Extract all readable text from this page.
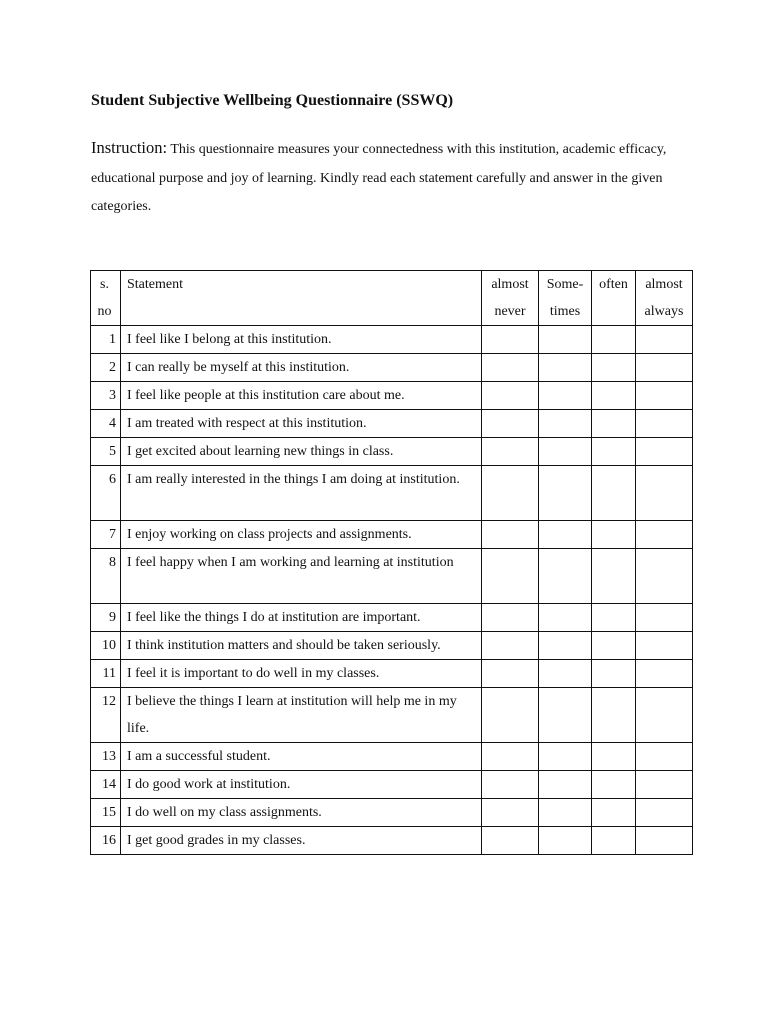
Student Subjective Wellbeing Questionnaire (SSWQ)
Instruction: This questionnaire measures your connectedness with this institution, academic efficacy, educational purpose and joy of learning. Kindly read each statement carefully and answer in the given categories.
s. no	Statement	almost never	Some- times	often	almost always
1	I feel like I belong at this institution.				
2	I can really be myself at this institution.				
3	I feel like people at this institution care about me.				
4	I am treated with respect at this institution.				
5	I get excited about learning new things in class.				
6	I am really interested in the things I am doing at institution.				
7	I enjoy working on class projects and assignments.				
8	I feel happy when I am working and learning at institution				
9	I feel like the things I do at institution are important.				
10	I think institution matters and should be taken seriously.				
11	I feel it is important to do well in my classes.				
12	I believe the things I learn at institution will help me in my life.				
13	I am a successful student.				
14	I do good work at institution.				
15	I do well on my class assignments.				
16	I get good grades in my classes.				
